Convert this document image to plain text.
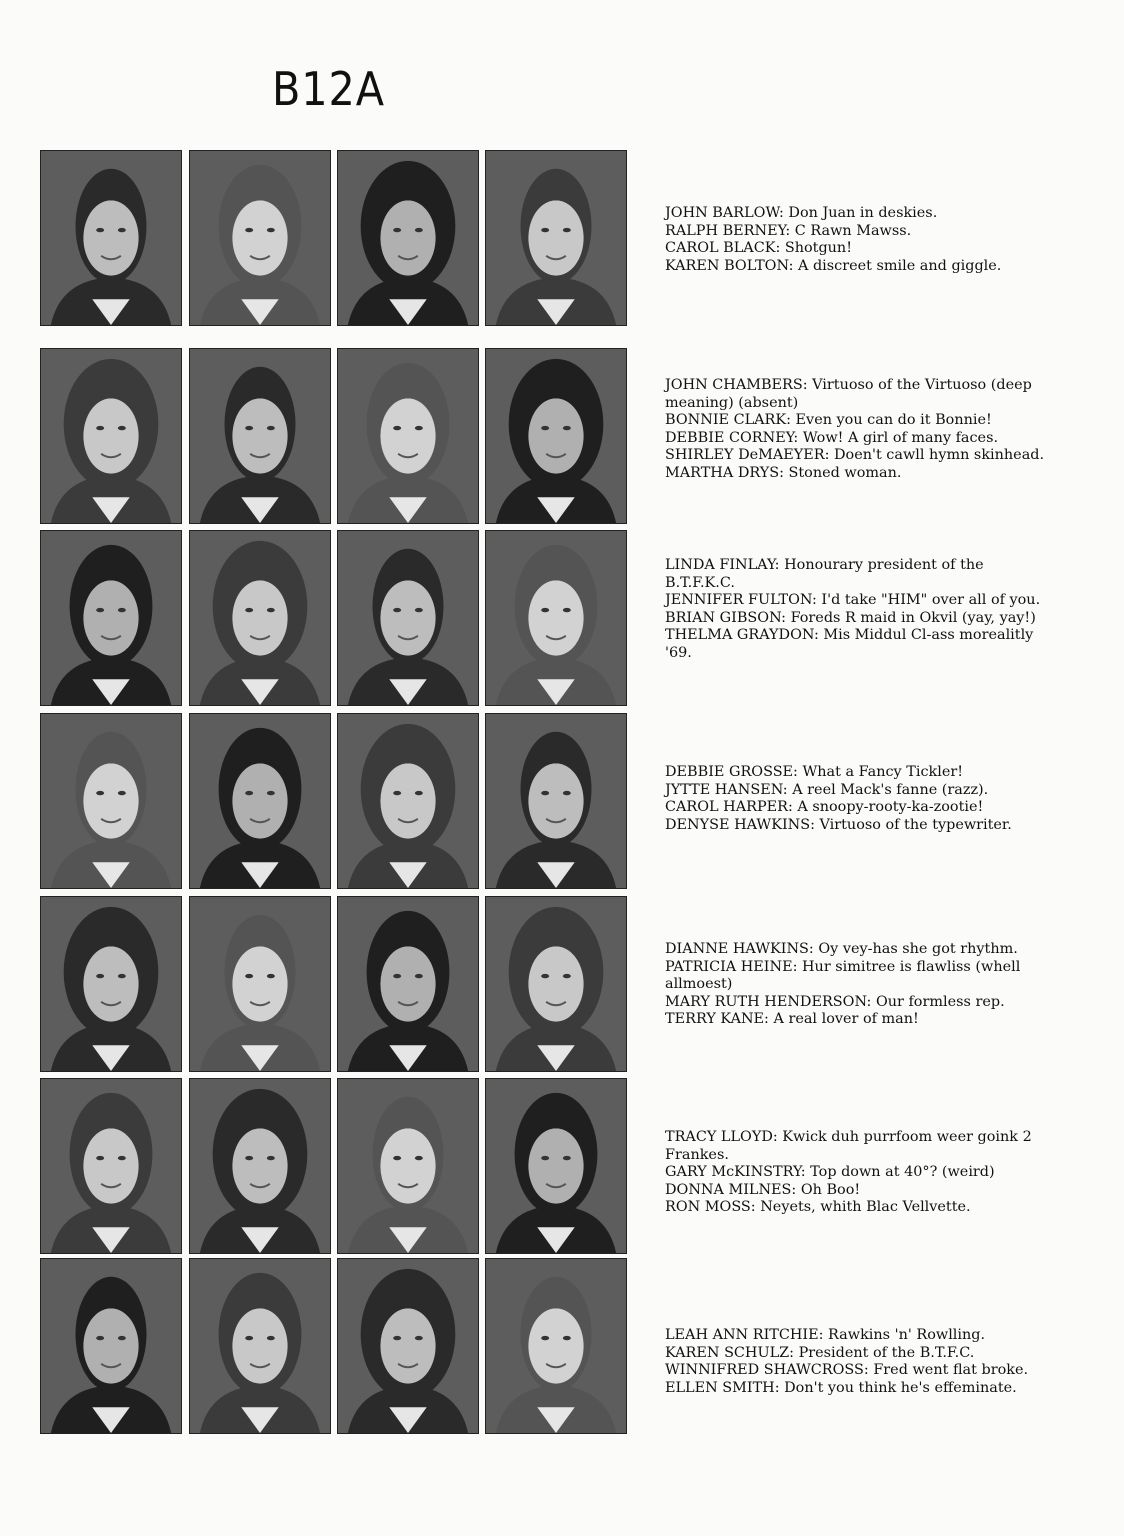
B12A
JOHN BARLOW: Don Juan in deskies.
RALPH BERNEY: C Rawn Mawss.
CAROL BLACK: Shotgun!
KAREN BOLTON: A discreet smile and giggle.
JOHN CHAMBERS: Virtuoso of the Virtuoso (deep
meaning) (absent)
BONNIE CLARK: Even you can do it Bonnie!
DEBBIE CORNEY: Wow! A girl of many faces.
SHIRLEY DeMAEYER: Doen't cawll hymn skinhead.
MARTHA DRYS: Stoned woman.
LINDA FINLAY: Honourary president of the
B.T.F.K.C.
JENNIFER FULTON: I'd take "HIM" over all of you.
BRIAN GIBSON: Foreds R maid in Okvil (yay, yay!)
THELMA GRAYDON: Mis Middul Cl-ass morealitly
'69.
DEBBIE GROSSE: What a Fancy Tickler!
JYTTE HANSEN: A reel Mack's fanne (razz).
CAROL HARPER: A snoopy-rooty-ka-zootie!
DENYSE HAWKINS: Virtuoso of the typewriter.
DIANNE HAWKINS: Oy vey-has she got rhythm.
PATRICIA HEINE: Hur simitree is flawliss (whell
allmoest)
MARY RUTH HENDERSON: Our formless rep.
TERRY KANE: A real lover of man!
TRACY LLOYD: Kwick duh purrfoom weer goink 2
Frankes.
GARY McKINSTRY: Top down at 40°? (weird)
DONNA MILNES: Oh Boo!
RON MOSS: Neyets, whith Blac Vellvette.
LEAH ANN RITCHIE: Rawkins 'n' Rowlling.
KAREN SCHULZ: President of the B.T.F.C.
WINNIFRED SHAWCROSS: Fred went flat broke.
ELLEN SMITH: Don't you think he's effeminate.
